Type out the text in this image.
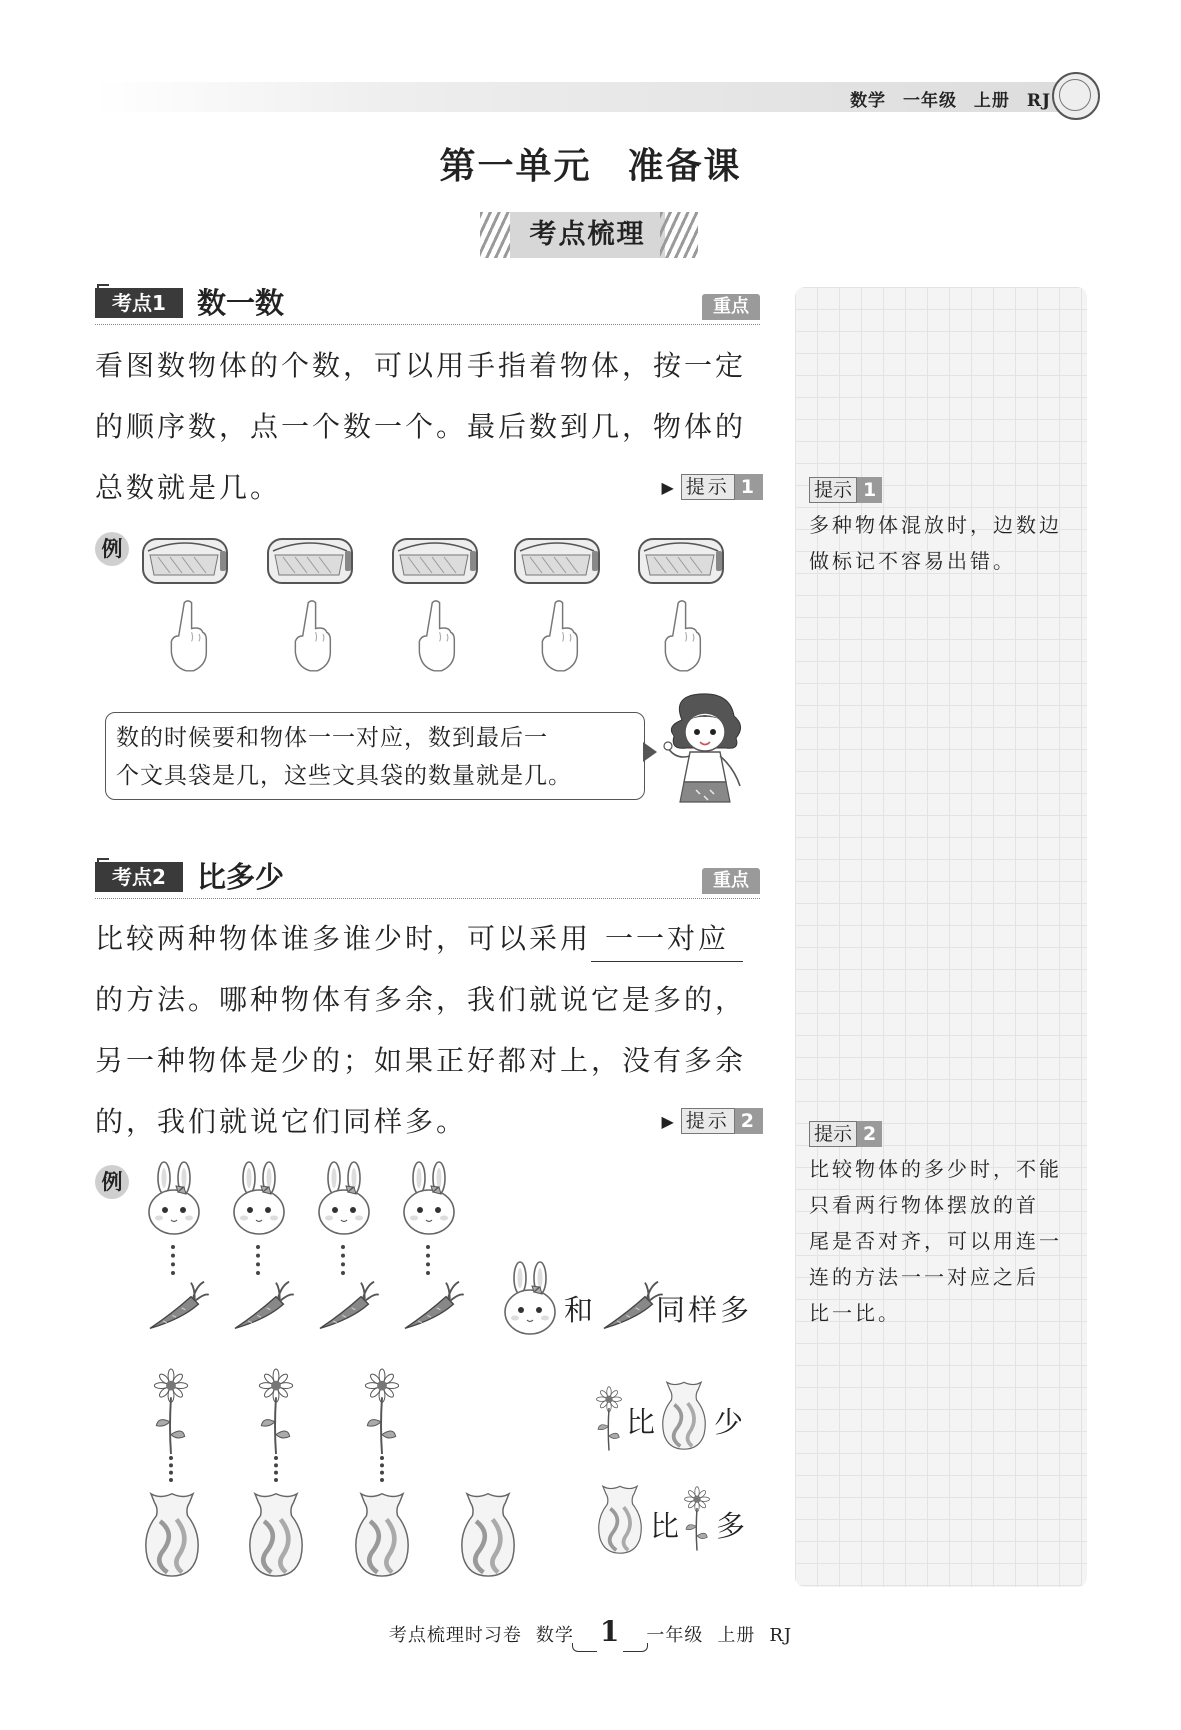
数学 一年级 上册 RJ
第一单元 准备课
考点梳理
考点1	数一数	重点
看图数物体的个数，可以用手指着物体，按一定
的顺序数，点一个数一个。最后数到几，物体的
总数就是几。	▶ 提示 1
例
数的时候要和物体一一对应，数到最后一
个文具袋是几，这些文具袋的数量就是几。
考点2	比多少	重点
比较两种物体谁多谁少时，可以采用 一一对应
的方法。哪种物体有多余，我们就说它是多的，
另一种物体是少的；如果正好都对上，没有多余
的，我们就说它们同样多。	▶ 提示 2
例
和 同样多
比 少
比 多
提示 1
多种物体混放时，边数边
做标记不容易出错。
提示 2
比较物体的多少时，不能
只看两行物体摆放的首
尾是否对齐，可以用连一
连的方法一一对应之后
比一比。
考点梳理时习卷 数学 1 一年级 上册 RJ
